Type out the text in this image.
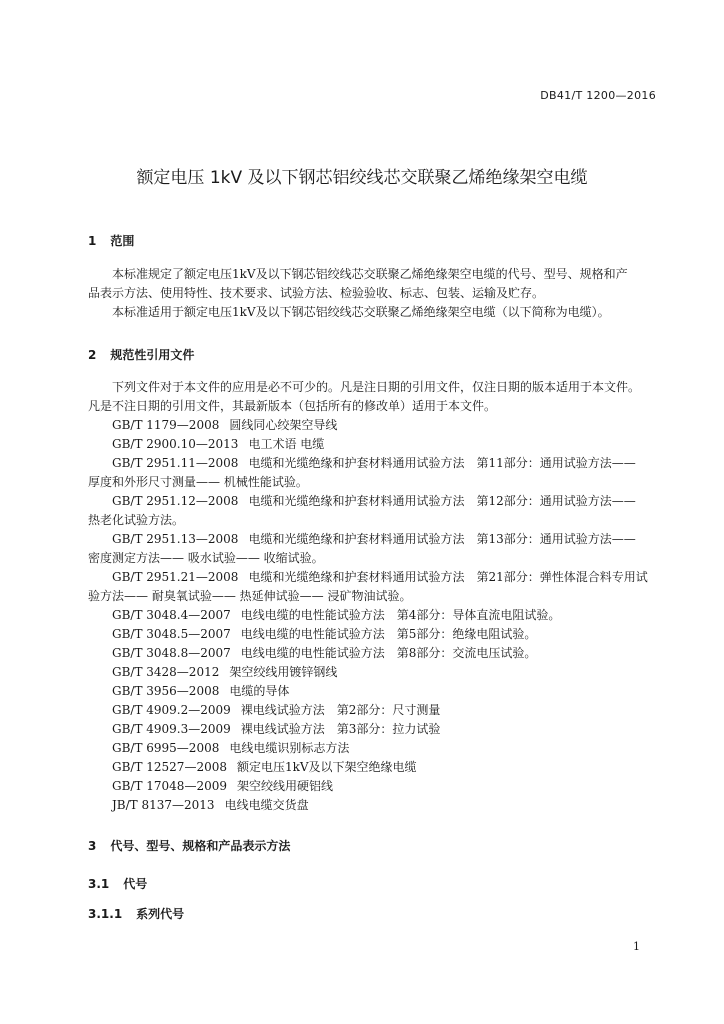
DB41/T 1200—2016
额定电压 1kV 及以下钢芯铝绞线芯交联聚乙烯绝缘架空电缆
1 范围

本标准规定了额定电压1kV及以下钢芯铝绞线芯交联聚乙烯绝缘架空电缆的代号、型号、规格和产

品表示方法、使用特性、技术要求、试验方法、检验验收、标志、包装、运输及贮存。

本标准适用于额定电压1kV及以下钢芯铝绞线芯交联聚乙烯绝缘架空电缆（以下简称为电缆）。

2 规范性引用文件

下列文件对于本文件的应用是必不可少的。凡是注日期的引用文件，仅注日期的版本适用于本文件。

凡是不注日期的引用文件，其最新版本（包括所有的修改单）适用于本文件。

GB/T 1179—2008 圆线同心绞架空导线

GB/T 2900.10—2013 电工术语 电缆

GB/T 2951.11—2008 电缆和光缆绝缘和护套材料通用试验方法　第11部分：通用试验方法——

厚度和外形尺寸测量—— 机械性能试验。

GB/T 2951.12—2008 电缆和光缆绝缘和护套材料通用试验方法　第12部分：通用试验方法——

热老化试验方法。

GB/T 2951.13—2008 电缆和光缆绝缘和护套材料通用试验方法　第13部分：通用试验方法——

密度测定方法—— 吸水试验—— 收缩试验。

GB/T 2951.21—2008 电缆和光缆绝缘和护套材料通用试验方法　第21部分：弹性体混合料专用试

验方法—— 耐臭氧试验—— 热延伸试验—— 浸矿物油试验。

GB/T 3048.4—2007 电线电缆的电性能试验方法　第4部分：导体直流电阻试验。

GB/T 3048.5—2007 电线电缆的电性能试验方法　第5部分：绝缘电阻试验。

GB/T 3048.8—2007 电线电缆的电性能试验方法　第8部分：交流电压试验。

GB/T 3428—2012 架空绞线用镀锌钢线

GB/T 3956—2008 电缆的导体

GB/T 4909.2—2009 裸电线试验方法　第2部分：尺寸测量

GB/T 4909.3—2009 裸电线试验方法　第3部分：拉力试验

GB/T 6995—2008 电线电缆识别标志方法

GB/T 12527—2008 额定电压1kV及以下架空绝缘电缆

GB/T 17048—2009 架空绞线用硬铝线

JB/T 8137—2013 电线电缆交货盘

3 代号、型号、规格和产品表示方法
3.1 代号
3.1.1 系列代号
1
